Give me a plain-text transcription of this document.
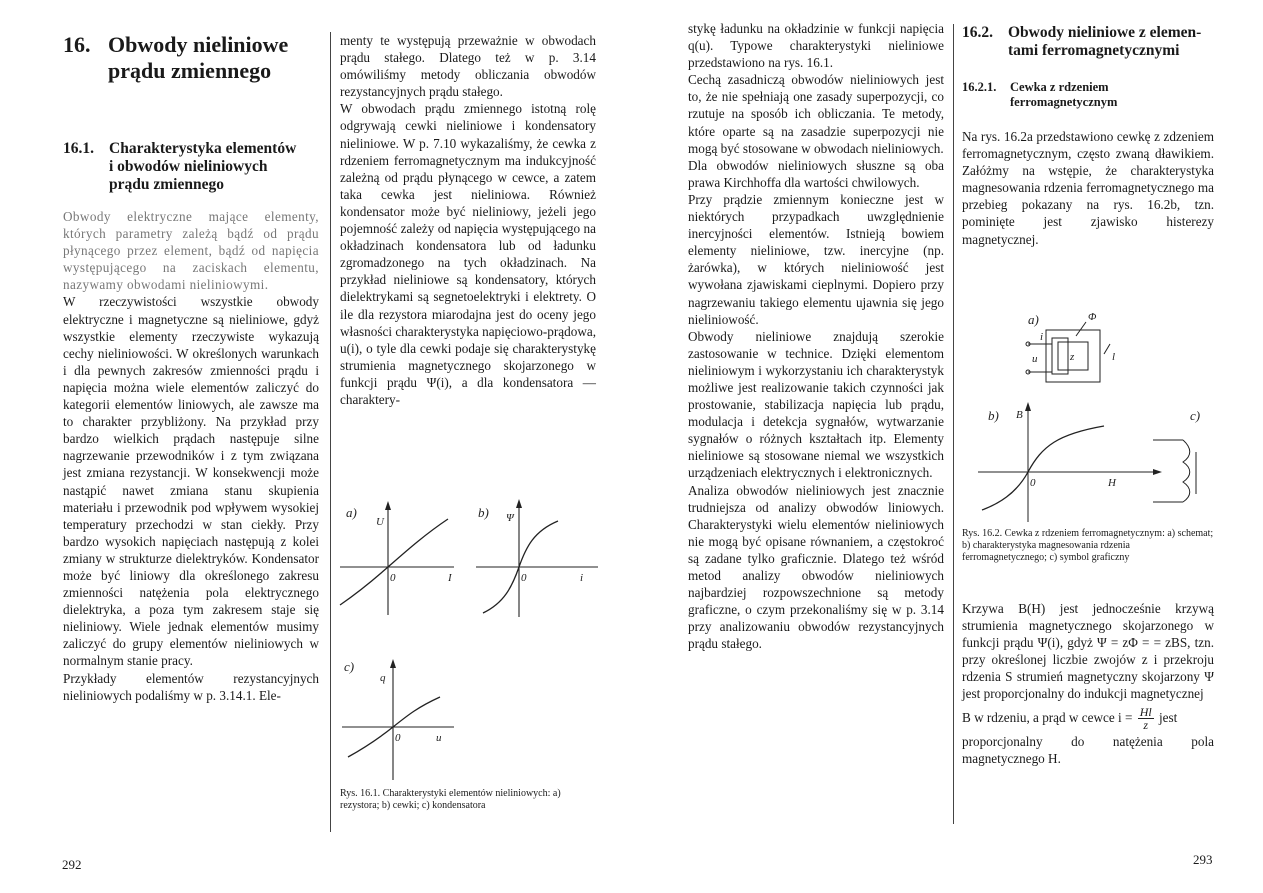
16. Obwody nieliniowe
prądu zmiennego
16.1. Charakterystyka elementów
i obwodów nieliniowych
prądu zmiennego

Obwody elektryczne mające elementy, których parametry zależą bądź od prądu płynącego przez element, bądź od napięcia występującego na zaciskach elementu, nazywamy obwodami nieliniowymi.

W rzeczywistości wszystkie obwody elektryczne i magnetyczne są nieliniowe, gdyż wszystkie elementy rzeczywiste wykazują cechy nieliniowości. W określonych warunkach i dla pewnych zakresów zmienności prądu i napięcia można wiele elementów zaliczyć do kategorii elementów liniowych, ale zawsze ma to charakter przybliżony. Na przykład przy bardzo wielkich prądach następuje silne nagrzewanie przewodników i z tym związana jest zmiana rezystancji. W konsekwencji może nastąpić nawet zmiana stanu skupienia materiału i przewodnik pod wpływem wysokiej temperatury przechodzi w stan ciekły. Przy bardzo wysokich napięciach następują z kolei zmiany w strukturze dielektryków. Kondensator może być liniowy dla określonego zakresu zmienności natężenia pola elektrycznego dielektryka, a poza tym zakresem staje się nieliniowy. Wiele jednak elementów musimy zaliczyć do grupy elementów nieliniowych w normalnym stanie pracy.

Przykłady elementów rezystancyjnych nieliniowych podaliśmy w p. 3.14.1. Ele-

menty te występują przeważnie w obwodach prądu stałego. Dlatego też w p. 3.14 omówiliśmy metody obliczania obwodów rezystancyjnych prądu stałego.

W obwodach prądu zmiennego istotną rolę odgrywają cewki nieliniowe i kondensatory nieliniowe. W p. 7.10 wykazaliśmy, że cewka z rdzeniem ferromagnetycznym ma indukcyjność zależną od prądu płynącego w cewce, a zatem taka cewka jest nieliniowa. Również kondensator może być nieliniowy, jeżeli jego pojemność zależy od napięcia występującego na okładzinach kondensatora lub od ładunku zgromadzonego na tych okładzinach. Na przykład nieliniowe są kondensatory, których dielektrykami są segnetoelektryki i elektrety. O ile dla rezystora miarodajna jest do oceny jego własności charakterystyka napięciowo-prądowa, u(i), o tyle dla cewki podaje się charakterystykę strumienia magnetycznego skojarzonego w funkcji prądu Ψ(i), a dla kondensatora — charaktery-

a)
U
0	I
b) Ψ
0	i
c)
q
0	u
Rys. 16.1. Charakterystyki elementów nieliniowych: a) rezystora; b) cewki; c) kondensatora
292

stykę ładunku na okładzinie w funkcji napięcia q(u). Typowe charakterystyki nieliniowe przedstawiono na rys. 16.1.

Cechą zasadniczą obwodów nieliniowych jest to, że nie spełniają one zasady superpozycji, co rzutuje na sposób ich obliczania. Te metody, które oparte są na zasadzie superpozycji nie mogą być stosowane w obwodach nieliniowych.

Dla obwodów nieliniowych słuszne są oba prawa Kirchhoffa dla wartości chwilowych.

Przy prądzie zmiennym konieczne jest w niektórych przypadkach uwzględnienie inercyjności elementów. Istnieją bowiem elementy nieliniowe, tzw. inercyjne (np. żarówka), w których nieliniowość jest wywołana zjawiskami cieplnymi. Dopiero przy nagrzewaniu takiego elementu ujawnia się jego nieliniowość.

Obwody nieliniowe znajdują szerokie zastosowanie w technice. Dzięki elementom nieliniowym i wykorzystaniu ich charakterystyk możliwe jest realizowanie takich czynności jak prostowanie, stabilizacja napięcia lub prądu, modulacja i detekcja sygnałów, wytwarzanie sygnałów o różnych kształtach itp. Elementy nieliniowe są stosowane niemal we wszystkich urządzeniach elektrycznych i elektronicznych.

Analiza obwodów nieliniowych jest znacznie trudniejsza od analizy obwodów liniowych. Charakterystyki wielu elementów nieliniowych nie mogą być opisane równaniem, a częstokroć są zadane tylko graficznie. Dlatego też wśród metod analizy obwodów nieliniowych najbardziej rozpowszechnione są metody graficzne, o czym przekonaliśmy się w p. 3.14 przy analizowaniu obwodów rezystancyjnych prądu stałego.

16.2. Obwody nieliniowe z elemen-
tami ferromagnetycznymi
16.2.1. Cewka z rdzeniem
ferromagnetycznym

Na rys. 16.2a przedstawiono cewkę z zdzeniem ferromagnetycznym, często zwaną dławikiem. Załóżmy na wstępie, że charakterystyka magnesowania rdzenia ferromagnetycznego ma przebieg pokazany na rys. 16.2b, tzn. pominięte jest zjawisko histerezy magnetycznej.

a)	Φ
i
u	z	l
b) B
0	H
c)
Rys. 16.2. Cewka z rdzeniem ferromagnetycznym: a) schemat; b) charakterystyka magnesowania rdzenia ferromagnetycznego; c) symbol graficzny

Krzywa B(H) jest jednocześnie krzywą strumienia magnetycznego skojarzonego w funkcji prądu Ψ(i), gdyż Ψ = zΦ = = zBS, tzn. przy określonej liczbie zwojów z i przekroju rdzenia S strumień magnetyczny skojarzony Ψ jest proporcjonalny do indukcji magnetycznej

B w rdzeniu, a prąd w cewce $i = \frac{Hl}{z}$ jest

proporcjonalny do natężenia pola magnetycznego H.

293
